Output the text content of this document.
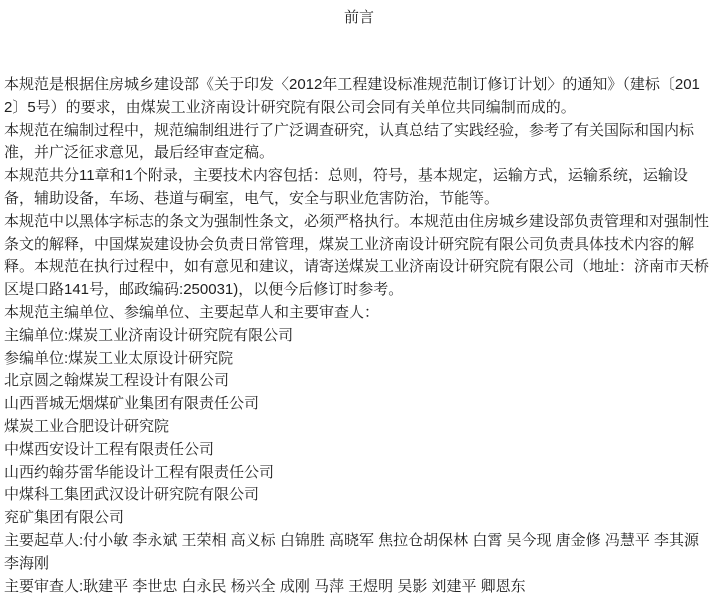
前言

本规范是根据住房城乡建设部《关于印发〈2012年工程建设标准规范制订修订计划〉的通知》（建标〔2012〕5号）的要求，由煤炭工业济南设计研究院有限公司会同有关单位共同编制而成的。

本规范在编制过程中，规范编制组进行了广泛调查研究，认真总结了实践经验，参考了有关国际和国内标准，并广泛征求意见，最后经审查定稿。

本规范共分11章和1个附录，主要技术内容包括：总则，符号，基本规定，运输方式，运输系统，运输设备，辅助设备，车场、巷道与硐室，电气，安全与职业危害防治，节能等。

本规范中以黑体字标志的条文为强制性条文，必须严格执行。本规范由住房城乡建设部负责管理和对强制性条文的解释，中国煤炭建设协会负责日常管理，煤炭工业济南设计研究院有限公司负责具体技术内容的解释。本规范在执行过程中，如有意见和建议，请寄送煤炭工业济南设计研究院有限公司（地址：济南市天桥区堤口路141号，邮政编码:250031)，以便今后修订时参考。

本规范主编单位、参编单位、主要起草人和主要审查人：

主编单位:煤炭工业济南设计研究院有限公司

参编单位:煤炭工业太原设计研究院

北京圆之翰煤炭工程设计有限公司

山西晋城无烟煤矿业集团有限责任公司

煤炭工业合肥设计研究院

中煤西安设计工程有限责任公司

山西约翰芬雷华能设计工程有限责任公司

中煤科工集团武汉设计研究院有限公司

兖矿集团有限公司

主要起草人:付小敏 李永斌 王荣相 高义标 白锦胜 高晓军 焦拉仓胡保林 白霄 吴今现 唐金修 冯慧平 李其源 李海刚

主要审查人:耿建平 李世忠 白永民 杨兴全 成刚 马萍 王煜明 吴影 刘建平 卿恩东
